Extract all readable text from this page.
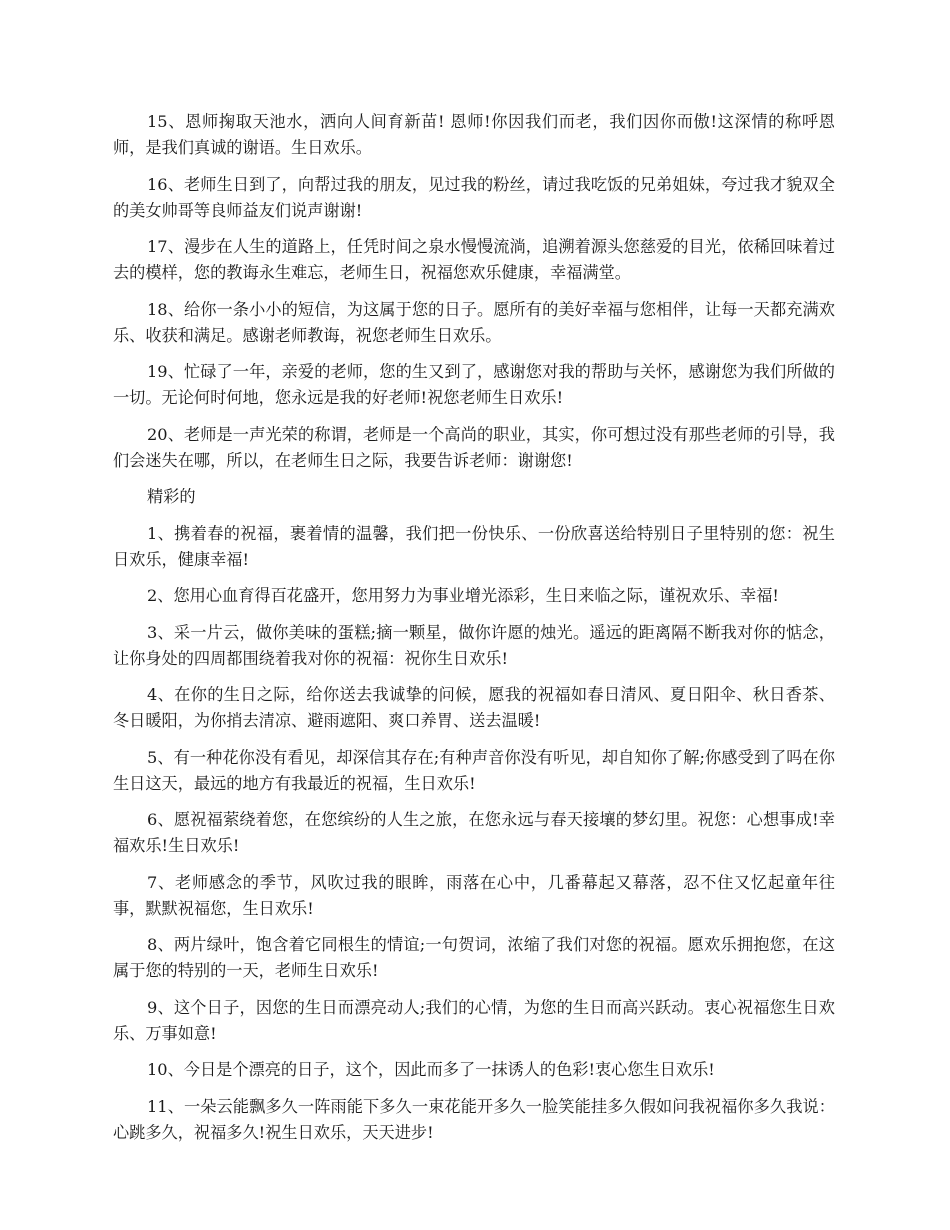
15、恩师掬取天池水，洒向人间育新苗! 恩师!你因我们而老，我们因你而傲!这深情的称呼恩师，是我们真诚的谢语。生日欢乐。

16、老师生日到了，向帮过我的朋友，见过我的粉丝，请过我吃饭的兄弟姐妹，夸过我才貌双全的美女帅哥等良师益友们说声谢谢!

17、漫步在人生的道路上，任凭时间之泉水慢慢流淌，追溯着源头您慈爱的目光，依稀回味着过去的模样，您的教诲永生难忘，老师生日，祝福您欢乐健康，幸福满堂。

18、给你一条小小的短信，为这属于您的日子。愿所有的美好幸福与您相伴，让每一天都充满欢乐、收获和满足。感谢老师教诲，祝您老师生日欢乐。

19、忙碌了一年，亲爱的老师，您的生又到了，感谢您对我的帮助与关怀，感谢您为我们所做的一切。无论何时何地，您永远是我的好老师!祝您老师生日欢乐!

20、老师是一声光荣的称谓，老师是一个高尚的职业，其实，你可想过没有那些老师的引导，我们会迷失在哪，所以，在老师生日之际，我要告诉老师：谢谢您!

精彩的

1、携着春的祝福，裹着情的温馨，我们把一份快乐、一份欣喜送给特别日子里特别的您：祝生日欢乐，健康幸福!

2、您用心血育得百花盛开，您用努力为事业增光添彩，生日来临之际，谨祝欢乐、幸福!

3、采一片云，做你美味的蛋糕;摘一颗星，做你许愿的烛光。遥远的距离隔不断我对你的惦念，让你身处的四周都围绕着我对你的祝福：祝你生日欢乐!

4、在你的生日之际，给你送去我诚挚的问候，愿我的祝福如春日清风、夏日阳伞、秋日香茶、冬日暖阳，为你捎去清凉、避雨遮阳、爽口养胃、送去温暖!

5、有一种花你没有看见，却深信其存在;有种声音你没有听见，却自知你了解;你感受到了吗在你生日这天，最远的地方有我最近的祝福，生日欢乐!

6、愿祝福萦绕着您，在您缤纷的人生之旅，在您永远与春天接壤的梦幻里。祝您：心想事成!幸福欢乐!生日欢乐!

7、老师感念的季节，风吹过我的眼眸，雨落在心中，几番幕起又幕落，忍不住又忆起童年往事，默默祝福您，生日欢乐!

8、两片绿叶，饱含着它同根生的情谊;一句贺词，浓缩了我们对您的祝福。愿欢乐拥抱您，在这属于您的特别的一天，老师生日欢乐!

9、这个日子，因您的生日而漂亮动人;我们的心情，为您的生日而高兴跃动。衷心祝福您生日欢乐、万事如意!

10、今日是个漂亮的日子，这个，因此而多了一抹诱人的色彩!衷心您生日欢乐!

11、一朵云能飘多久一阵雨能下多久一束花能开多久一脸笑能挂多久假如问我祝福你多久我说：心跳多久，祝福多久!祝生日欢乐，天天进步!
